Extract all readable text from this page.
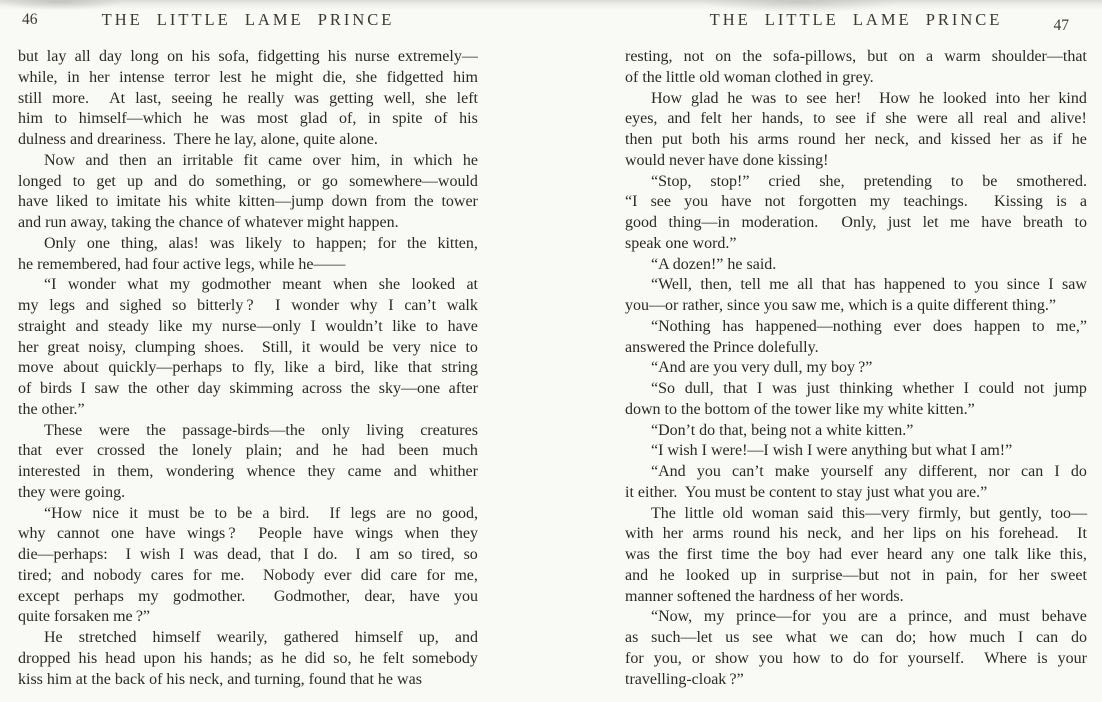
46	THE LITTLE LAME PRINCE
but lay all day long on his sofa, fidgetting his nurse extremely—
while, in her intense terror lest he might die, she fidgetted him
still more. At last, seeing he really was getting well, she left
him to himself—which he was most glad of, in spite of his
dulness and dreariness.  There he lay, alone, quite alone.
Now and then an irritable fit came over him, in which he
longed to get up and do something, or go somewhere—would
have liked to imitate his white kitten—jump down from the tower
and run away, taking the chance of whatever might happen.
Only one thing, alas! was likely to happen; for the kitten,
he remembered, had four active legs, while he——
“I wonder what my godmother meant when she looked at
my legs and sighed so bitterly ? I wonder why I can’t walk
straight and steady like my nurse—only I wouldn’t like to have
her great noisy, clumping shoes. Still, it would be very nice to
move about quickly—perhaps to fly, like a bird, like that string
of birds I saw the other day skimming across the sky—one after
the other.”
These were the passage-birds—the only living creatures
that ever crossed the lonely plain; and he had been much
interested in them, wondering whence they came and whither
they were going.
“How nice it must be to be a bird. If legs are no good,
why cannot one have wings ? People have wings when they
die—perhaps: I wish I was dead, that I do. I am so tired, so
tired; and nobody cares for me. Nobody ever did care for me,
except perhaps my godmother. Godmother, dear, have you
quite forsaken me ?”
He stretched himself wearily, gathered himself up, and
dropped his head upon his hands; as he did so, he felt somebody
kiss him at the back of his neck, and turning, found that he was
THE LITTLE LAME PRINCE	47
resting, not on the sofa-pillows, but on a warm shoulder—that
of the little old woman clothed in grey.
How glad he was to see her! How he looked into her kind
eyes, and felt her hands, to see if she were all real and alive!
then put both his arms round her neck, and kissed her as if he
would never have done kissing!
“Stop, stop!” cried she, pretending to be smothered.
“I see you have not forgotten my teachings. Kissing is a
good thing—in moderation. Only, just let me have breath to
speak one word.”
“A dozen!” he said.
“Well, then, tell me all that has happened to you since I saw
you—or rather, since you saw me, which is a quite different thing.”
“Nothing has happened—nothing ever does happen to me,”
answered the Prince dolefully.
“And are you very dull, my boy ?”
“So dull, that I was just thinking whether I could not jump
down to the bottom of the tower like my white kitten.”
“Don’t do that, being not a white kitten.”
“I wish I were!—I wish I were anything but what I am!”
“And you can’t make yourself any different, nor can I do
it either.  You must be content to stay just what you are.”
The little old woman said this—very firmly, but gently, too—
with her arms round his neck, and her lips on his forehead. It
was the first time the boy had ever heard any one talk like this,
and he looked up in surprise—but not in pain, for her sweet
manner softened the hardness of her words.
“Now, my prince—for you are a prince, and must behave
as such—let us see what we can do; how much I can do
for you, or show you how to do for yourself. Where is your
travelling-cloak ?”
